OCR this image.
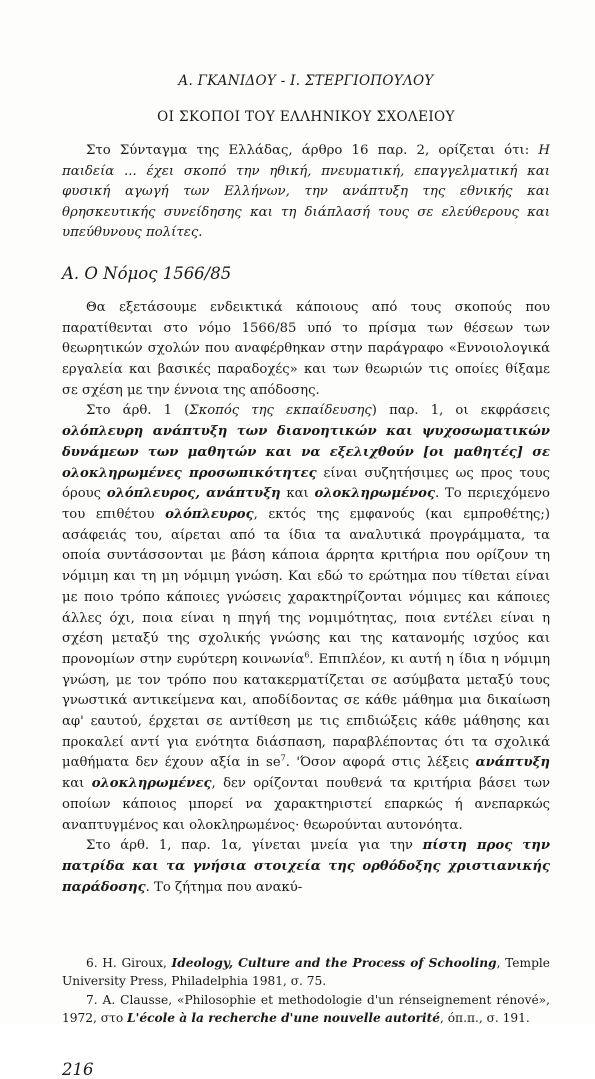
Α. ΓΚΑΝΙΔΟΥ - Ι. ΣΤΕΡΓΙΟΠΟΥΛΟΥ
ΟΙ ΣΚΟΠΟΙ ΤΟΥ ΕΛΛΗΝΙΚΟΥ ΣΧΟΛΕΙΟΥ

Στο Σύνταγμα της Ελλάδας, άρθρο 16 παρ. 2, ορίζεται ότι: Η παιδεία ... έχει σκοπό την ηθική, πνευματική, επαγγελματική και φυσική αγωγή των Ελλήνων, την ανάπτυξη της εθνικής και θρησκευτικής συνείδησης και τη διάπλασή τους σε ελεύθερους και υπεύθυνους πολίτες.

Α. Ο Νόμος 1566/85

Θα εξετάσουμε ενδεικτικά κάποιους από τους σκοπούς που παρατίθενται στο νόμο 1566/85 υπό το πρίσμα των θέσεων των θεωρητικών σχολών που αναφέρθηκαν στην παράγραφο «Εννοιολογικά εργαλεία και βασικές παραδοχές» και των θεωριών τις οποίες θίξαμε σε σχέση με την έννοια της απόδοσης.

Στο άρθ. 1 (Σκοπός της εκπαίδευσης) παρ. 1, οι εκφράσεις ολόπλευρη ανάπτυξη των διανοητικών και ψυχοσωματικών δυνάμεων των μαθητών και να εξελιχθούν [οι μαθητές] σε ολοκληρωμένες προσωπικότητες είναι συζητήσιμες ως προς τους όρους ολόπλευρος, ανάπτυξη και ολοκληρωμένος. Το περιεχόμενο του επιθέτου ολόπλευρος, εκτός της εμφανούς (και εμπροθέτης;) ασάφειάς του, αίρεται από τα ίδια τα αναλυτικά προγράμματα, τα οποία συντάσσονται με βάση κάποια άρρητα κριτήρια που ορίζουν τη νόμιμη και τη μη νόμιμη γνώση. Και εδώ το ερώτημα που τίθεται είναι με ποιο τρόπο κάποιες γνώσεις χαρακτηρίζονται νόμιμες και κάποιες άλλες όχι, ποια είναι η πηγή της νομιμότητας, ποια εντέλει είναι η σχέση μεταξύ της σχολικής γνώσης και της κατανομής ισχύος και προνομίων στην ευρύτερη κοινωνία$^6$. Επιπλέον, κι αυτή η ίδια η νόμιμη γνώση, με τον τρόπο που κατακερματίζεται σε ασύμβατα μεταξύ τους γνωστικά αντικείμενα και, αποδίδοντας σε κάθε μάθημα μια δικαίωση αφ' εαυτού, έρχεται σε αντίθεση με τις επιδιώξεις κάθε μάθησης και προκαλεί αντί για ενότητα διάσπαση, παραβλέποντας ότι τα σχολικά μαθήματα δεν έχουν αξία in $se^7$. 'Όσον αφορά στις λέξεις ανάπτυξη και ολοκληρωμένες, δεν ορίζονται πουθενά τα κριτήρια βάσει των οποίων κάποιος μπορεί να χαρακτηριστεί επαρκώς ή ανεπαρκώς αναπτυγμένος και ολοκληρωμένος· θεωρούνται αυτονόητα.

Στο άρθ. 1, παρ. 1α, γίνεται μνεία για την πίστη προς την πατρίδα και τα γνήσια στοιχεία της ορθόδοξης χριστιανικής παράδοσης. Το ζήτημα που ανακύ-

6. H. Giroux, Ideology, Culture and the Process of Schooling, Temple University Press, Philadelphia 1981, σ. 75.

7. A. Clausse, «Philosophie et methodologie d'un rénseignement rénové», 1972, στο L'école à la recherche d'une nouvelle autorité, όπ.π., σ. 191.

216
